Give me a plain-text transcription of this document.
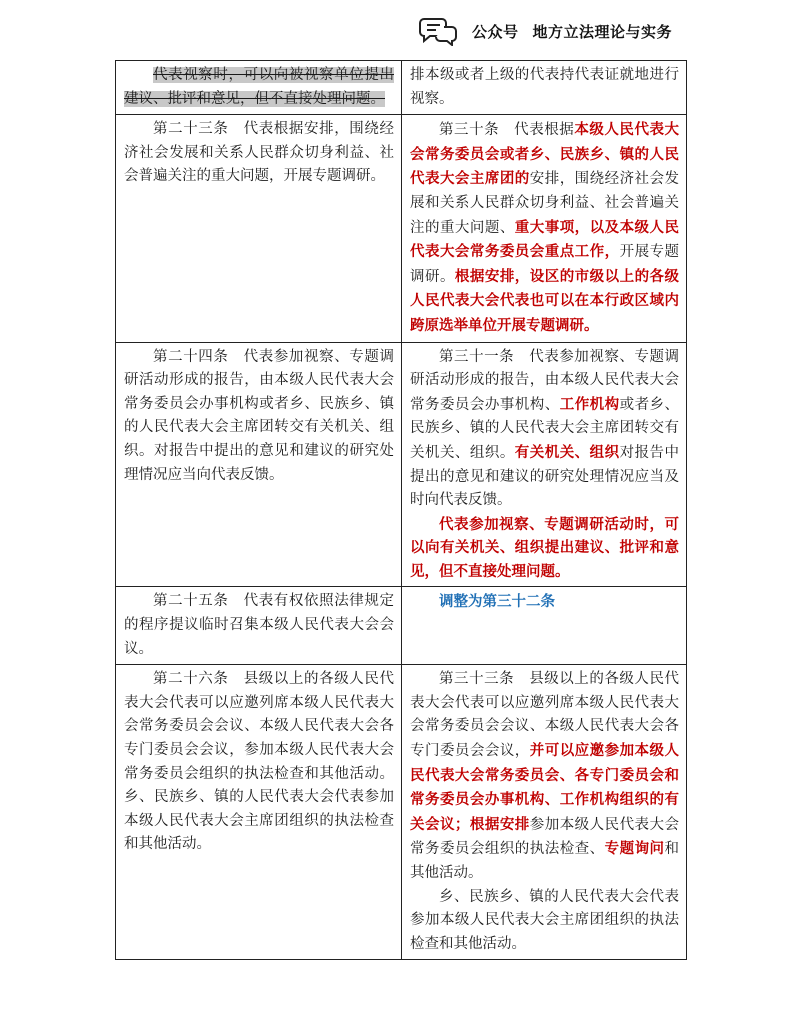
公众号 地方立法理论与实务

代表视察时，可以向被视察单位提出建议、批评和意见，但不直接处理问题。	排本级或者上级的代表持代表证就地进行视察。

第二十三条　代表根据安排，围绕经济社会发展和关系人民群众切身利益、社会普遍关注的重大问题，开展专题调研。	第三十条　代表根据本级人民代表大会常务委员会或者乡、民族乡、镇的人民代表大会主席团的安排，围绕经济社会发展和关系人民群众切身利益、社会普遍关注的重大问题、重大事项，以及本级人民代表大会常务委员会重点工作，开展专题调研。根据安排，设区的市级以上的各级人民代表大会代表也可以在本行政区域内跨原选举单位开展专题调研。

第二十四条　代表参加视察、专题调研活动形成的报告，由本级人民代表大会常务委员会办事机构或者乡、民族乡、镇的人民代表大会主席团转交有关机关、组织。对报告中提出的意见和建议的研究处理情况应当向代表反馈。	第三十一条　代表参加视察、专题调研活动形成的报告，由本级人民代表大会常务委员会办事机构、工作机构或者乡、民族乡、镇的人民代表大会主席团转交有关机关、组织。有关机关、组织对报告中提出的意见和建议的研究处理情况应当及时向代表反馈。

代表参加视察、专题调研活动时，可以向有关机关、组织提出建议、批评和意见，但不直接处理问题。

第二十五条　代表有权依照法律规定的程序提议临时召集本级人民代表大会会议。	调整为第三十二条

第二十六条　县级以上的各级人民代表大会代表可以应邀列席本级人民代表大会常务委员会会议、本级人民代表大会各专门委员会会议，参加本级人民代表大会常务委员会组织的执法检查和其他活动。乡、民族乡、镇的人民代表大会代表参加本级人民代表大会主席团组织的执法检查和其他活动。	第三十三条　县级以上的各级人民代表大会代表可以应邀列席本级人民代表大会常务委员会会议、本级人民代表大会各专门委员会会议，并可以应邀参加本级人民代表大会常务委员会、各专门委员会和常务委员会办事机构、工作机构组织的有关会议；根据安排参加本级人民代表大会常务委员会组织的执法检查、专题询问和其他活动。

乡、民族乡、镇的人民代表大会代表参加本级人民代表大会主席团组织的执法检查和其他活动。
